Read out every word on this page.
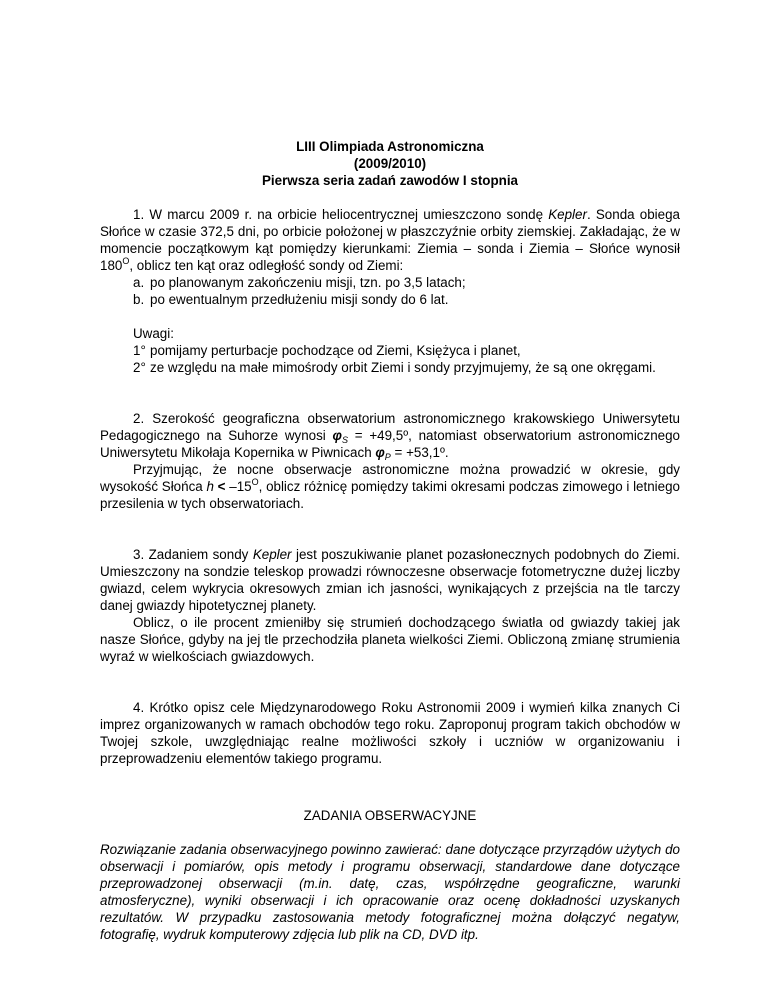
LIII Olimpiada Astronomiczna
(2009/2010)
Pierwsza seria zadań zawodów I stopnia

1. W marcu 2009 r. na orbicie heliocentrycznej umieszczono sondę Kepler. Sonda obiega Słońce w czasie 372,5 dni, po orbicie położonej w płaszczyźnie orbity ziemskiej. Zakładając, że w momencie początkowym kąt pomiędzy kierunkami: Ziemia – sonda i Ziemia – Słońce wynosił $180^O$, oblicz ten kąt oraz odległość sondy od Ziemi:

a. po planowanym zakończeniu misji, tzn. po 3,5 latach;
b. po ewentualnym przedłużeniu misji sondy do 6 lat.
Uwagi:
1° pomijamy perturbacje pochodzące od Ziemi, Księżyca i planet,
2° ze względu na małe mimośrody orbit Ziemi i sondy przyjmujemy, że są one okręgami.

2. Szerokość geograficzna obserwatorium astronomicznego krakowskiego Uniwersytetu Pedagogicznego na Suhorze wynosi $\varphi_S$ = +49,5º, natomiast obserwatorium astronomicznego Uniwersytetu Mikołaja Kopernika w Piwnicach $\varphi_P$ = +53,1º.

Przyjmując, że nocne obserwacje astronomiczne można prowadzić w okresie, gdy wysokość Słońca $h < -15^O$, oblicz różnicę pomiędzy takimi okresami podczas zimowego i letniego przesilenia w tych obserwatoriach.

3. Zadaniem sondy Kepler jest poszukiwanie planet pozasłonecznych podobnych do Ziemi. Umieszczony na sondzie teleskop prowadzi równoczesne obserwacje fotometryczne dużej liczby gwiazd, celem wykrycia okresowych zmian ich jasności, wynikających z przejścia na tle tarczy danej gwiazdy hipotetycznej planety.

Oblicz, o ile procent zmieniłby się strumień dochodzącego światła od gwiazdy takiej jak nasze Słońce, gdyby na jej tle przechodziła planeta wielkości Ziemi. Obliczoną zmianę strumienia wyraź w wielkościach gwiazdowych.

4. Krótko opisz cele Międzynarodowego Roku Astronomii 2009 i wymień kilka znanych Ci imprez organizowanych w ramach obchodów tego roku. Zaproponuj program takich obchodów w Twojej szkole, uwzględniając realne możliwości szkoły i uczniów w organizowaniu i przeprowadzeniu elementów takiego programu.

ZADANIA OBSERWACYJNE

Rozwiązanie zadania obserwacyjnego powinno zawierać: dane dotyczące przyrządów użytych do obserwacji i pomiarów, opis metody i programu obserwacji, standardowe dane dotyczące przeprowadzonej obserwacji (m.in. datę, czas, współrzędne geograficzne, warunki atmosferyczne), wyniki obserwacji i ich opracowanie oraz ocenę dokładności uzyskanych rezultatów. W przypadku zastosowania metody fotograficznej można dołączyć negatyw, fotografię, wydruk komputerowy zdjęcia lub plik na CD, DVD itp.
